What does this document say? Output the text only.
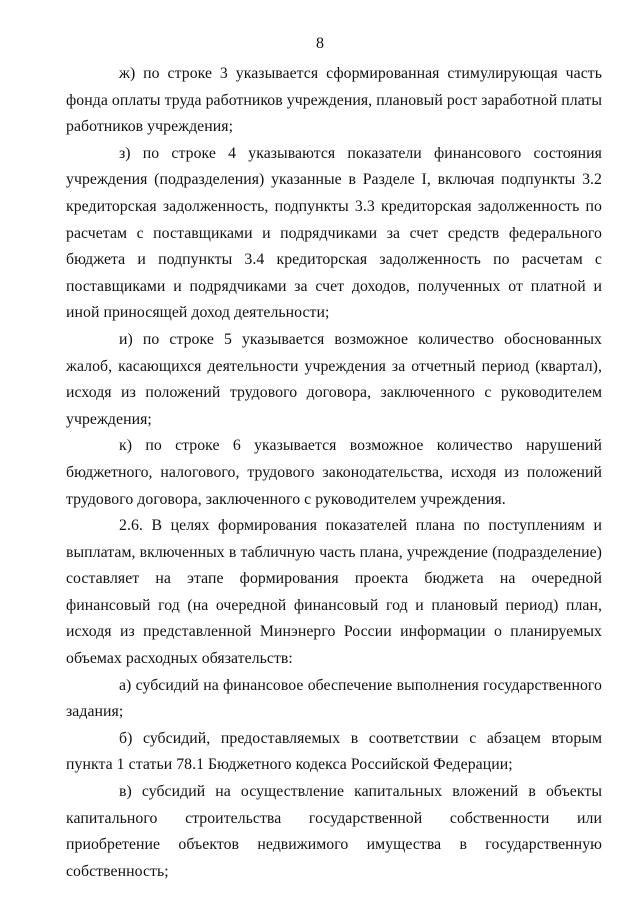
8

ж) по строке 3 указывается сформированная стимулирующая часть фонда оплаты труда работников учреждения, плановый рост заработной платы работников учреждения;

з) по строке 4 указываются показатели финансового состояния учреждения (подразделения) указанные в Разделе I, включая подпункты 3.2 кредиторская задолженность, подпункты 3.3 кредиторская задолженность по расчетам с поставщиками и подрядчиками за счет средств федерального бюджета и подпункты 3.4 кредиторская задолженность по расчетам с поставщиками и подрядчиками за счет доходов, полученных от платной и иной приносящей доход деятельности;

и) по строке 5 указывается возможное количество обоснованных жалоб, касающихся деятельности учреждения за отчетный период (квартал), исходя из положений трудового договора, заключенного с руководителем учреждения;

к) по строке 6 указывается возможное количество нарушений бюджетного, налогового, трудового законодательства, исходя из положений трудового договора, заключенного с руководителем учреждения.

2.6. В целях формирования показателей плана по поступлениям и выплатам, включенных в табличную часть плана, учреждение (подразделение) составляет на этапе формирования проекта бюджета на очередной финансовый год (на очередной финансовый год и плановый период) план, исходя из представленной Минэнерго России информации о планируемых объемах расходных обязательств:

а) субсидий на финансовое обеспечение выполнения государственного задания;

б) субсидий, предоставляемых в соответствии с абзацем вторым пункта 1 статьи 78.1 Бюджетного кодекса Российской Федерации;

в) субсидий на осуществление капитальных вложений в объекты капитального строительства государственной собственности или приобретение объектов недвижимого имущества в государственную собственность;
